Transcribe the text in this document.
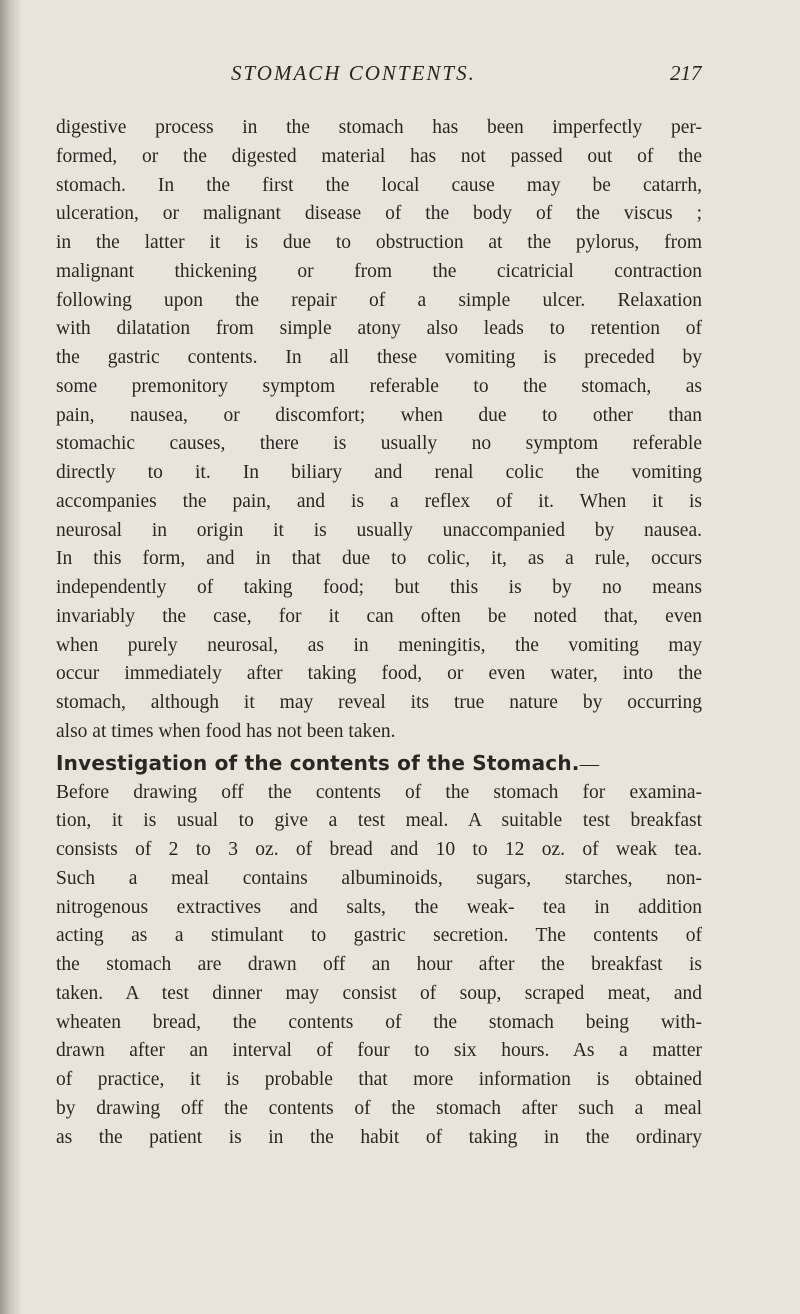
STOMACH CONTENTS.	217
digestive process in the stomach has been imperfectly per-
formed, or the digested material has not passed out of the
stomach. In the first the local cause may be catarrh,
ulceration, or malignant disease of the body of the viscus ;
in the latter it is due to obstruction at the pylorus, from
malignant thickening or from the cicatricial contraction
following upon the repair of a simple ulcer. Relaxation
with dilatation from simple atony also leads to retention of
the gastric contents. In all these vomiting is preceded by
some premonitory symptom referable to the stomach, as
pain, nausea, or discomfort; when due to other than
stomachic causes, there is usually no symptom referable
directly to it. In biliary and renal colic the vomiting
accompanies the pain, and is a reflex of it. When it is
neurosal in origin it is usually unaccompanied by nausea.
In this form, and in that due to colic, it, as a rule, occurs
independently of taking food; but this is by no means
invariably the case, for it can often be noted that, even
when purely neurosal, as in meningitis, the vomiting may
occur immediately after taking food, or even water, into the
stomach, although it may reveal its true nature by occurring
also at times when food has not been taken.
Investigation of the contents of the Stomach.—
Before drawing off the contents of the stomach for examina-
tion, it is usual to give a test meal. A suitable test breakfast
consists of 2 to 3 oz. of bread and 10 to 12 oz. of weak tea.
Such a meal contains albuminoids, sugars, starches, non-
nitrogenous extractives and salts, the weak- tea in addition
acting as a stimulant to gastric secretion. The contents of
the stomach are drawn off an hour after the breakfast is
taken. A test dinner may consist of soup, scraped meat, and
wheaten bread, the contents of the stomach being with-
drawn after an interval of four to six hours. As a matter
of practice, it is probable that more information is obtained
by drawing off the contents of the stomach after such a meal
as the patient is in the habit of taking in the ordinary
